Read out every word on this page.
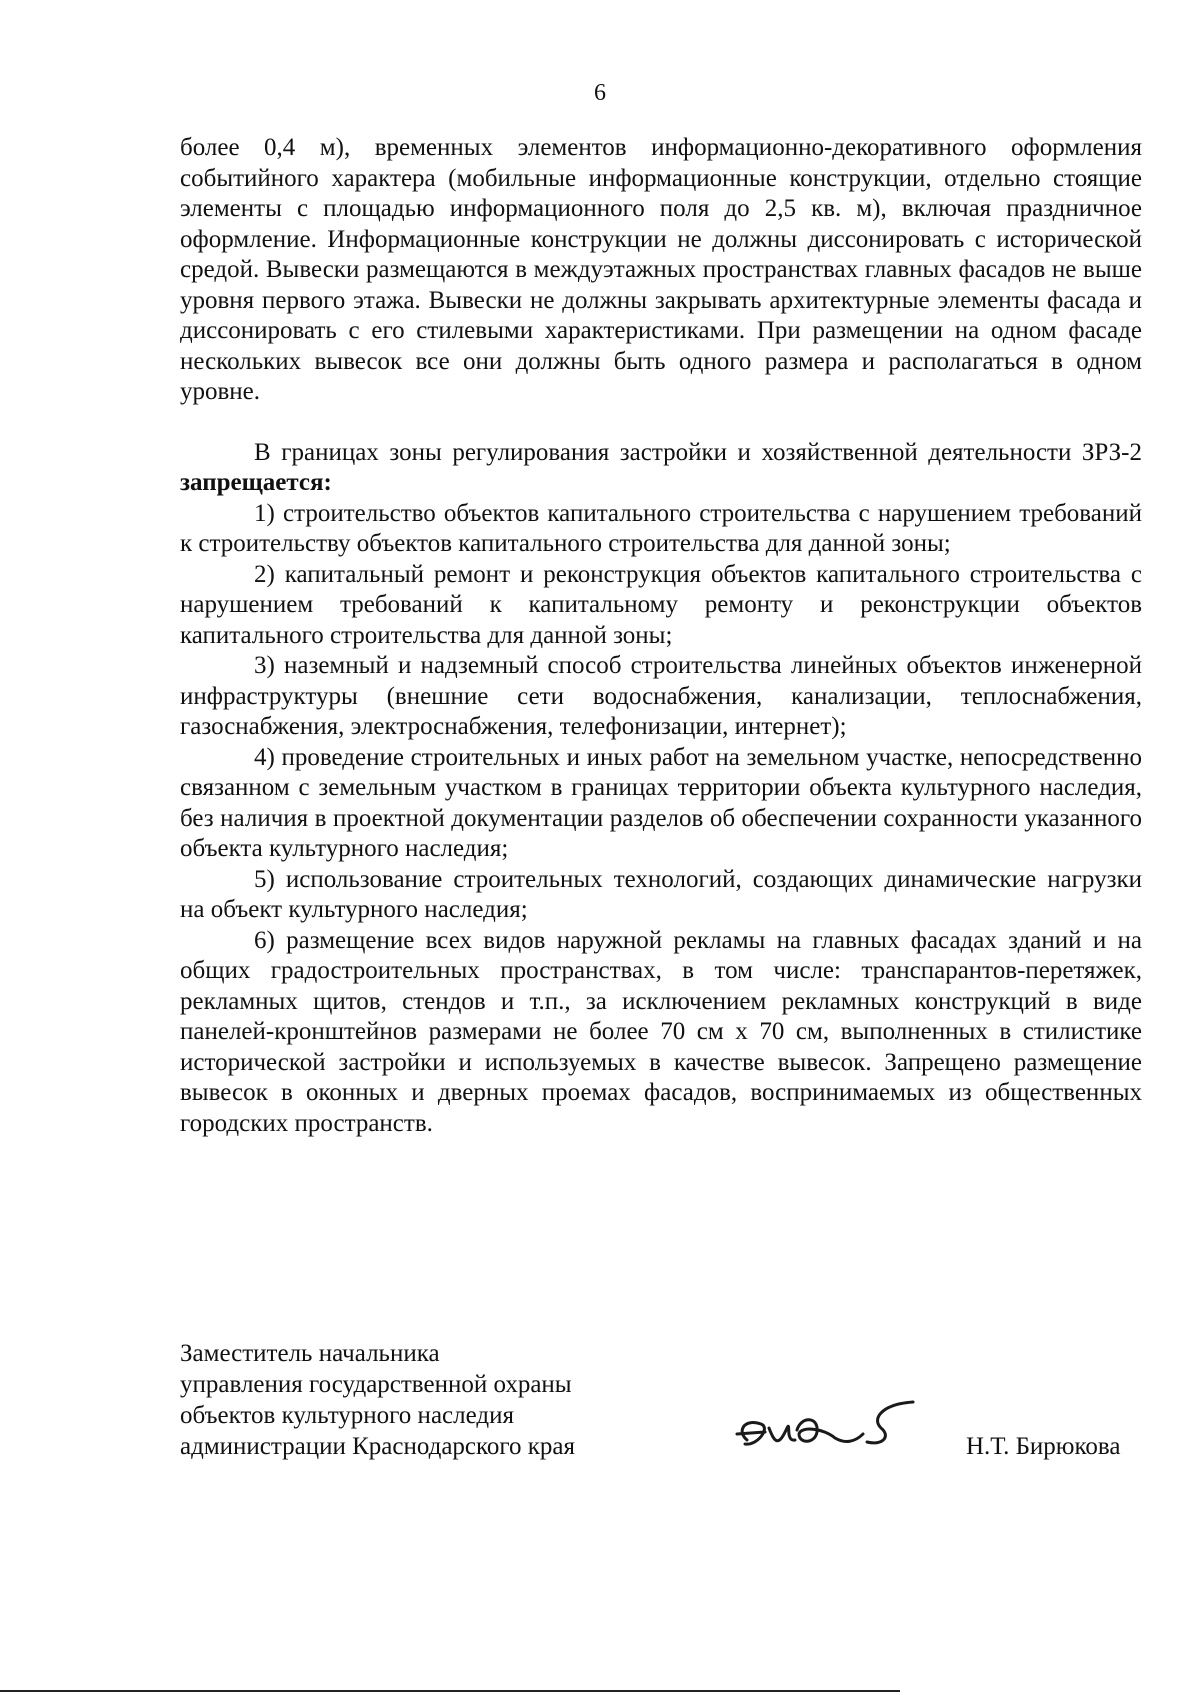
6

более 0,4 м), временных элементов информационно-декоративного оформления событийного характера (мобильные информационные конструкции, отдельно стоящие элементы с площадью информационного поля до 2,5 кв. м), включая праздничное оформление. Информационные конструкции не должны диссонировать с исторической средой. Вывески размещаются в междуэтажных пространствах главных фасадов не выше уровня первого этажа. Вывески не должны закрывать архитектурные элементы фасада и диссонировать с его стилевыми характеристиками. При размещении на одном фасаде нескольких вывесок все они должны быть одного размера и располагаться в одном уровне.

В границах зоны регулирования застройки и хозяйственной деятельности ЗРЗ-2 запрещается:

1) строительство объектов капитального строительства с нарушением требований к строительству объектов капитального строительства для данной зоны;

2) капитальный ремонт и реконструкция объектов капитального строительства с нарушением требований к капитальному ремонту и реконструкции объектов капитального строительства для данной зоны;

3) наземный и надземный способ строительства линейных объектов инженерной инфраструктуры (внешние сети водоснабжения, канализации, теплоснабжения, газоснабжения, электроснабжения, телефонизации, интернет);

4) проведение строительных и иных работ на земельном участке, непосредственно связанном с земельным участком в границах территории объекта культурного наследия, без наличия в проектной документации разделов об обеспечении сохранности указанного объекта культурного наследия;

5) использование строительных технологий, создающих динамические нагрузки на объект культурного наследия;

6) размещение всех видов наружной рекламы на главных фасадах зданий и на общих градостроительных пространствах, в том числе: транспарантов-перетяжек, рекламных щитов, стендов и т.п., за исключением рекламных конструкций в виде панелей-кронштейнов размерами не более 70 см x 70 см, выполненных в стилистике исторической застройки и используемых в качестве вывесок. Запрещено размещение вывесок в оконных и дверных проемах фасадов, воспринимаемых из общественных городских пространств.

Заместитель начальника
управления государственной охраны
объектов культурного наследия
администрации Краснодарского края	Н.Т. Бирюкова
